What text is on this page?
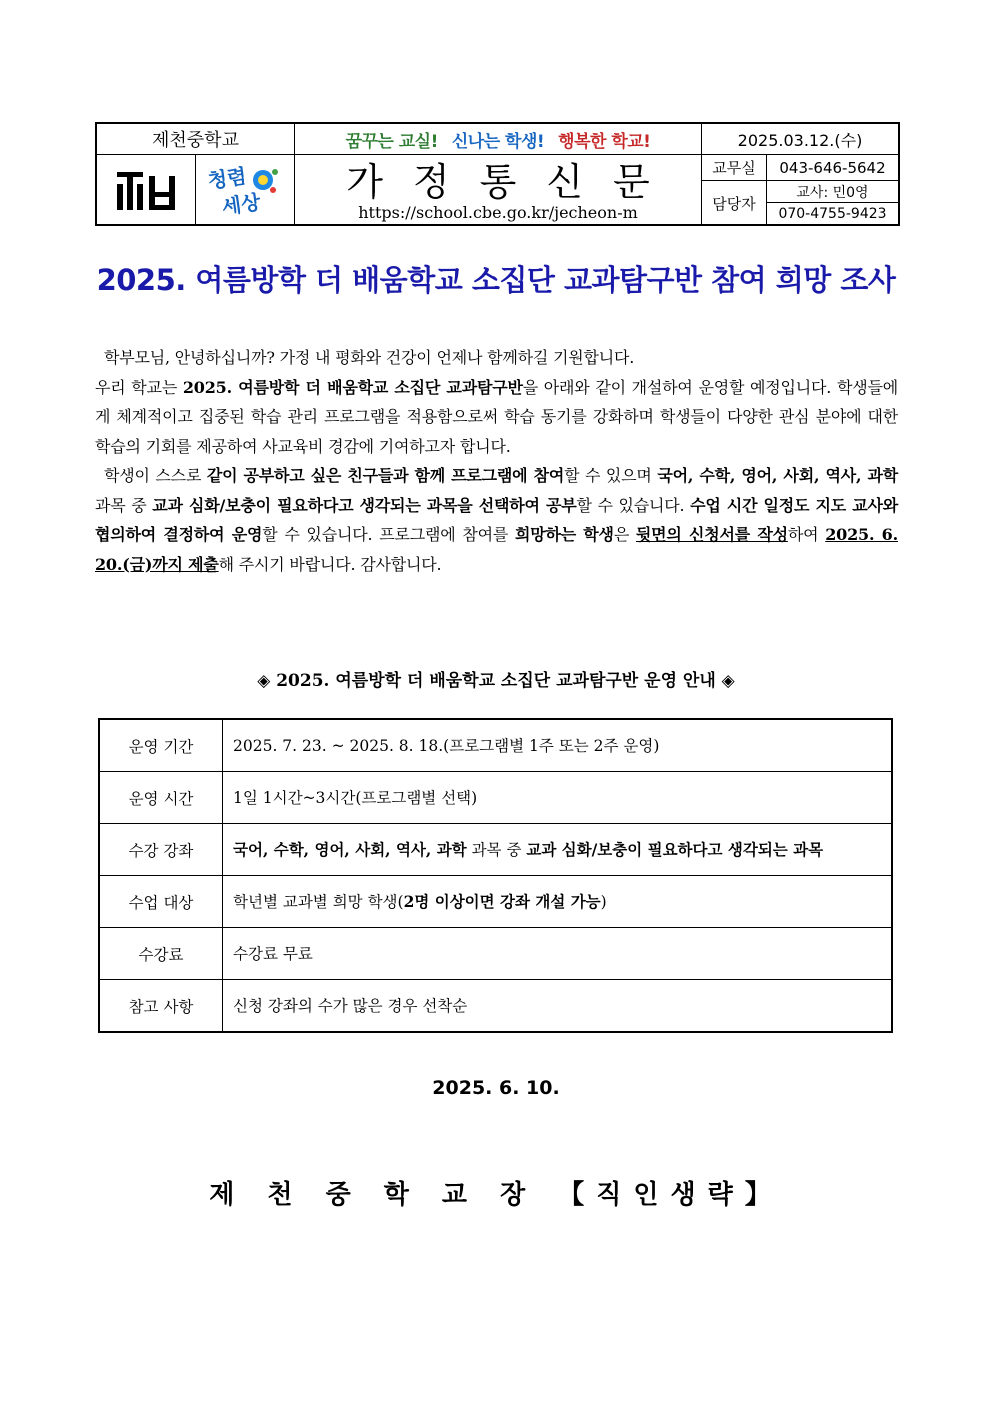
제천중학교	꿈꾸는 교실! 신나는 학생! 행복한 학교!	2025.03.12.(수)
청렴
세상
가정통신문
https://school.cbe.go.kr/jecheon-m
교무실	043-646-5642
담당자
교사: 민0영
070-4755-9423
2025. 여름방학 더 배움학교 소집단 교과탐구반 참여 희망 조사

학부모님, 안녕하십니까? 가정 내 평화와 건강이 언제나 함께하길 기원합니다.

우리 학교는 2025. 여름방학 더 배움학교 소집단 교과탐구반을 아래와 같이 개설하여 운영할 예정입니다. 학생들에게 체계적이고 집중된 학습 관리 프로그램을 적용함으로써 학습 동기를 강화하며 학생들이 다양한 관심 분야에 대한 학습의 기회를 제공하여 사교육비 경감에 기여하고자 합니다.

학생이 스스로 같이 공부하고 싶은 친구들과 함께 프로그램에 참여할 수 있으며 국어, 수학, 영어, 사회, 역사, 과학 과목 중 교과 심화/보충이 필요하다고 생각되는 과목을 선택하여 공부할 수 있습니다. 수업 시간 일정도 지도 교사와 협의하여 결정하여 운영할 수 있습니다. 프로그램에 참여를 희망하는 학생은 뒷면의 신청서를 작성하여 2025. 6. 20.(금)까지 제출해 주시기 바랍니다. 감사합니다.

◈ 2025. 여름방학 더 배움학교 소집단 교과탐구반 운영 안내 ◈
운영 기간	2025. 7. 23. ~ 2025. 8. 18.(프로그램별 1주 또는 2주 운영)
운영 시간	1일 1시간~3시간(프로그램별 선택)
수강 강좌	국어, 수학, 영어, 사회, 역사, 과학 과목 중 교과 심화/보충이 필요하다고 생각되는 과목
수업 대상	학년별 교과별 희망 학생(2명 이상이면 강좌 개설 가능)
수강료	수강료 무료
참고 사항	신청 강좌의 수가 많은 경우 선착순
2025. 6. 10.
제 천 중 학 교 장 【직인생략】
